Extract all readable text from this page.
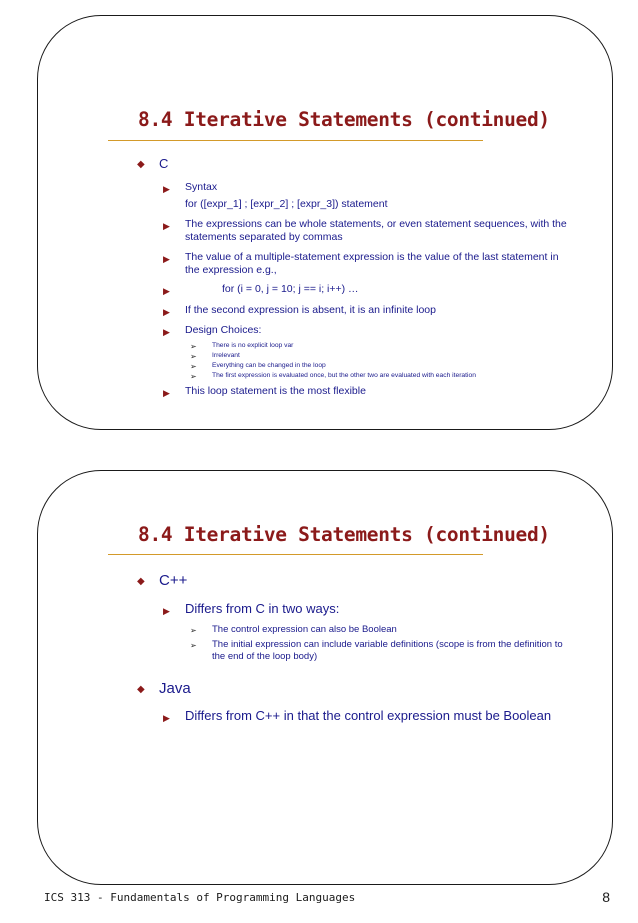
8.4 Iterative Statements (continued)
◆ C
▶ Syntax
for ([expr_1] ; [expr_2] ; [expr_3]) statement
▶ The expressions can be whole statements, or even statement sequences, with the statements separated by commas
▶ The value of a multiple-statement expression is the value of the last statement in the expression e.g.,
▶	for (i = 0, j = 10; j == i; i++) …
▶ If the second expression is absent, it is an infinite loop
▶ Design Choices:
➢ There is no explicit loop var
➢ Irrelevant
➢ Everything can be changed in the loop
➢ The first expression is evaluated once, but the other two are evaluated with each iteration
▶ This loop statement is the most flexible
8.4 Iterative Statements (continued)
◆ C++
▶ Differs from C in two ways:
➢ The control expression can also be Boolean
➢ The initial expression can include variable definitions (scope is from the definition to the end of the loop body)
◆ Java
▶ Differs from C++ in that the control expression must be Boolean
ICS 313 - Fundamentals of Programming Languages	8
